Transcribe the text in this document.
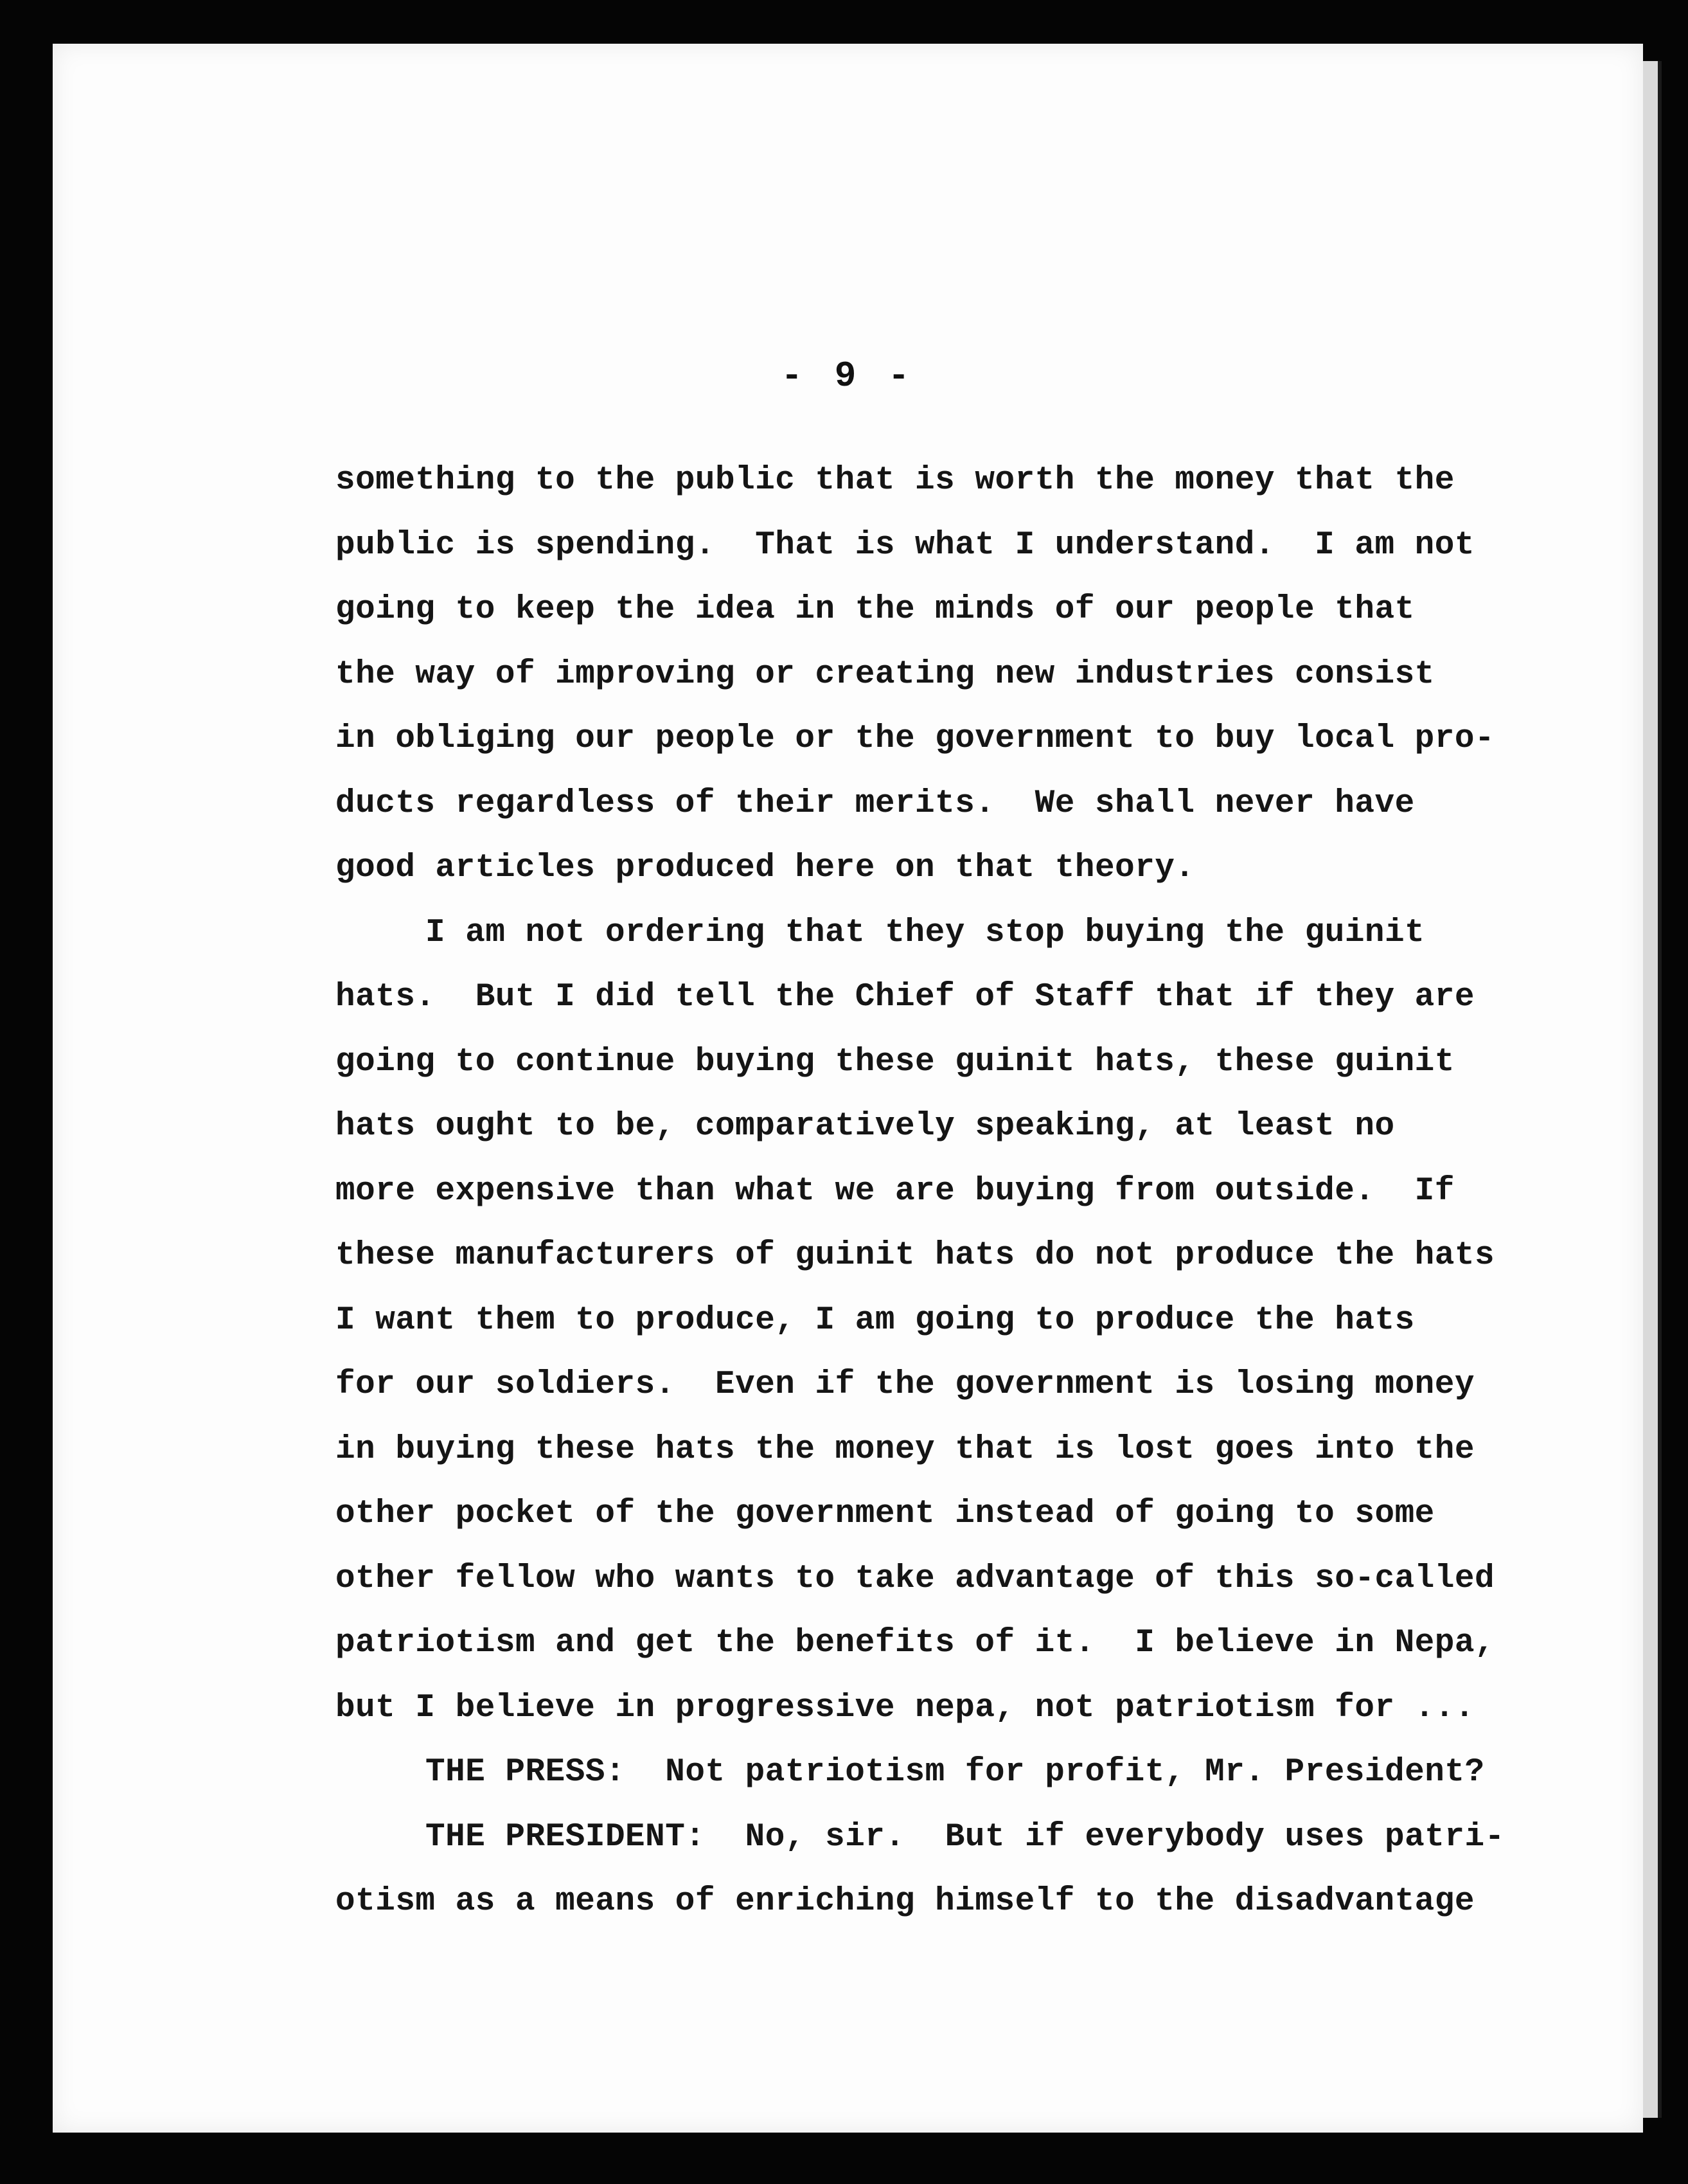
- 9 -
something to the public that is worth the money that the
public is spending.  That is what I understand.  I am not
going to keep the idea in the minds of our people that
the way of improving or creating new industries consist
in obliging our people or the government to buy local pro-
ducts regardless of their merits.  We shall never have
good articles produced here on that theory.
I am not ordering that they stop buying the guinit
hats.  But I did tell the Chief of Staff that if they are
going to continue buying these guinit hats, these guinit
hats ought to be, comparatively speaking, at least no
more expensive than what we are buying from outside.  If
these manufacturers of guinit hats do not produce the hats
I want them to produce, I am going to produce the hats
for our soldiers.  Even if the government is losing money
in buying these hats the money that is lost goes into the
other pocket of the government instead of going to some
other fellow who wants to take advantage of this so-called
patriotism and get the benefits of it.  I believe in Nepa,
but I believe in progressive nepa, not patriotism for ...
THE PRESS:  Not patriotism for profit, Mr. President?
THE PRESIDENT:  No, sir.  But if everybody uses patri-
otism as a means of enriching himself to the disadvantage
